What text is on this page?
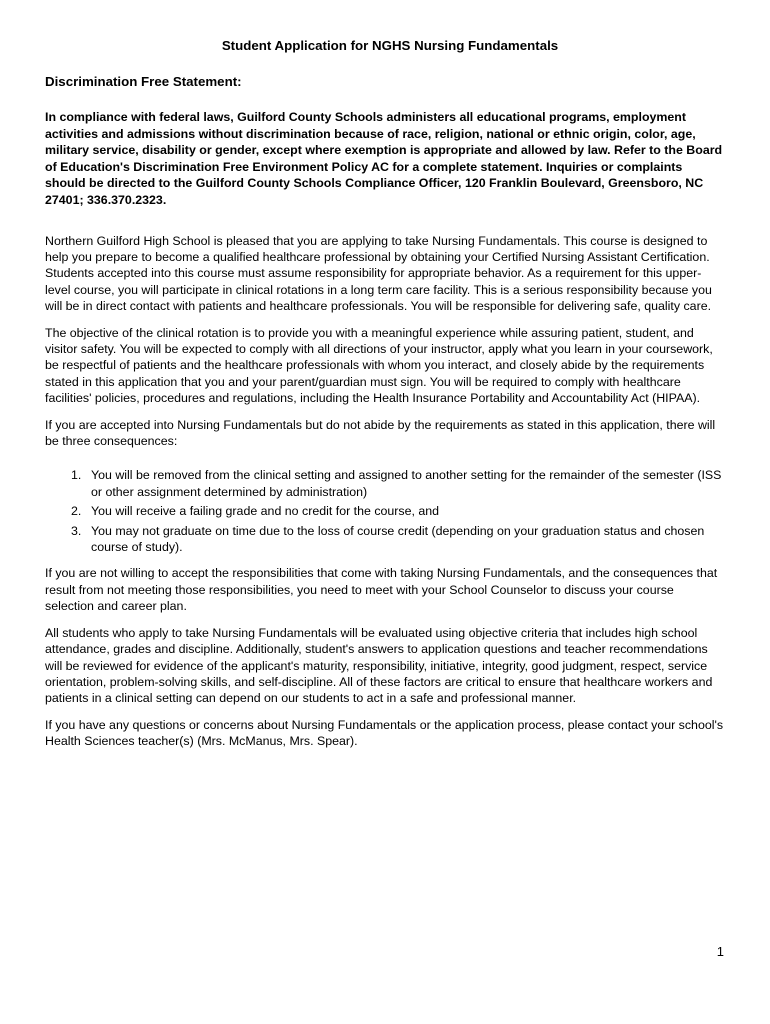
Student Application for NGHS Nursing Fundamentals
Discrimination Free Statement:

In compliance with federal laws, Guilford County Schools administers all educational programs, employment activities and admissions without discrimination because of race, religion, national or ethnic origin, color, age, military service, disability or gender, except where exemption is appropriate and allowed by law. Refer to the Board of Education's Discrimination Free Environment Policy AC for a complete statement. Inquiries or complaints should be directed to the Guilford County Schools Compliance Officer, 120 Franklin Boulevard, Greensboro, NC 27401; 336.370.2323.

Northern Guilford High School is pleased that you are applying to take Nursing Fundamentals. This course is designed to help you prepare to become a qualified healthcare professional by obtaining your Certified Nursing Assistant Certification. Students accepted into this course must assume responsibility for appropriate behavior. As a requirement for this upper-level course, you will participate in clinical rotations in a long term care facility. This is a serious responsibility because you will be in direct contact with patients and healthcare professionals. You will be responsible for delivering safe, quality care.

The objective of the clinical rotation is to provide you with a meaningful experience while assuring patient, student, and visitor safety. You will be expected to comply with all directions of your instructor, apply what you learn in your coursework, be respectful of patients and the healthcare professionals with whom you interact, and closely abide by the requirements stated in this application that you and your parent/guardian must sign. You will be required to comply with healthcare facilities' policies, procedures and regulations, including the Health Insurance Portability and Accountability Act (HIPAA).

If you are accepted into Nursing Fundamentals but do not abide by the requirements as stated in this application, there will be three consequences:

1. You will be removed from the clinical setting and assigned to another setting for the remainder of the semester (ISS or other assignment determined by administration)
2. You will receive a failing grade and no credit for the course, and
3. You may not graduate on time due to the loss of course credit (depending on your graduation status and chosen course of study).

If you are not willing to accept the responsibilities that come with taking Nursing Fundamentals, and the consequences that result from not meeting those responsibilities, you need to meet with your School Counselor to discuss your course selection and career plan.

All students who apply to take Nursing Fundamentals will be evaluated using objective criteria that includes high school attendance, grades and discipline. Additionally, student's answers to application questions and teacher recommendations will be reviewed for evidence of the applicant's maturity, responsibility, initiative, integrity, good judgment, respect, service orientation, problem-solving skills, and self-discipline. All of these factors are critical to ensure that healthcare workers and patients in a clinical setting can depend on our students to act in a safe and professional manner.

If you have any questions or concerns about Nursing Fundamentals or the application process, please contact your school's Health Sciences teacher(s) (Mrs. McManus, Mrs. Spear).

1
